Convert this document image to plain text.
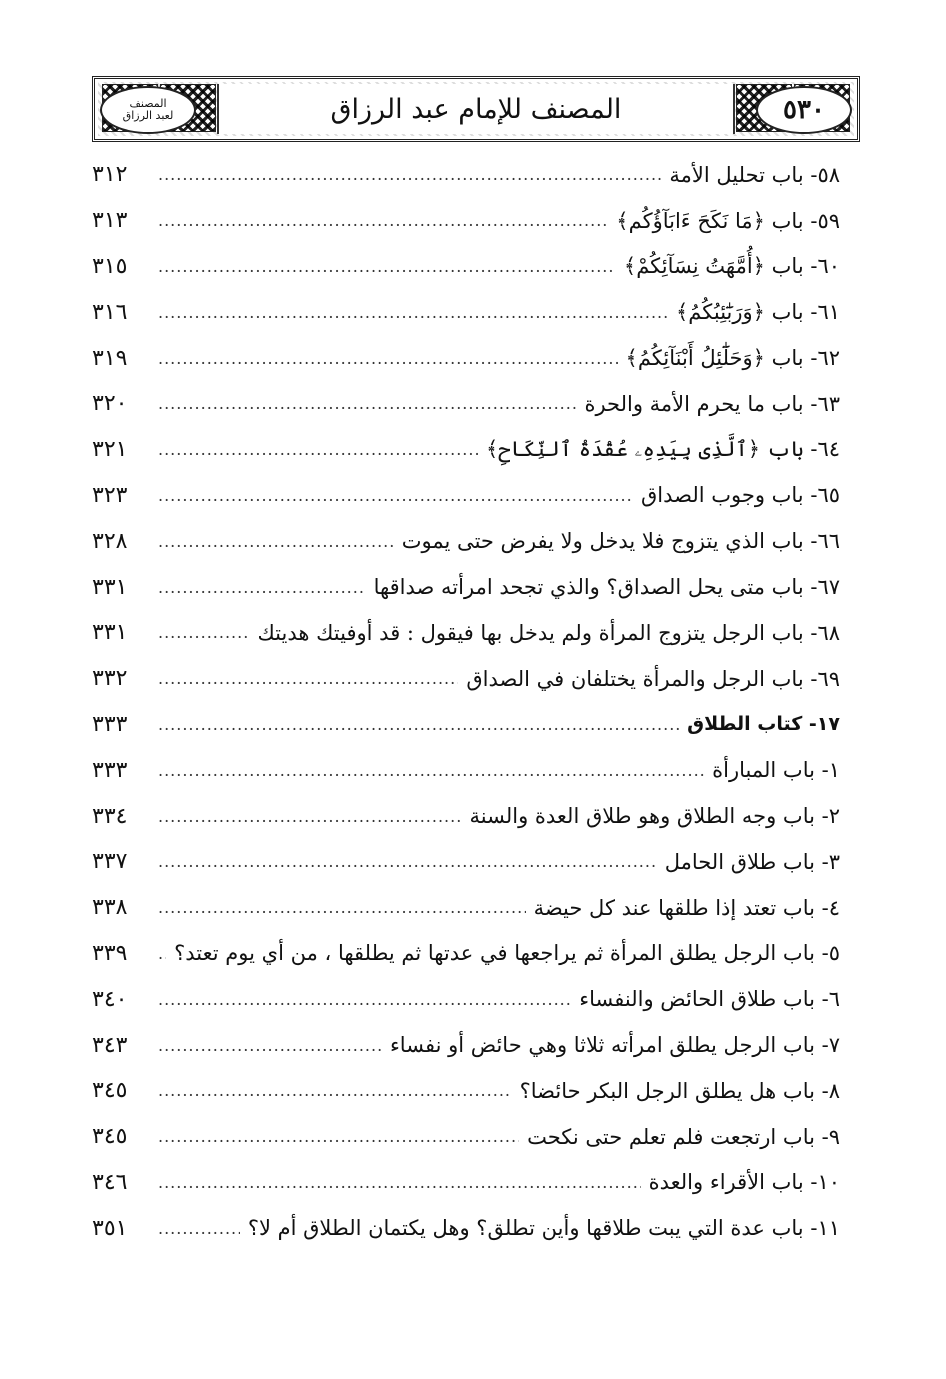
المصنف للإمام عبد الرزاق	٥٣٠
المصنف
لعبد الرزاق
٥٨- باب تحليل الأمة
.....
٣١٢
٥٩- باب ﴿مَا نَكَحَ ءَابَآؤُكُم﴾
.....
٣١٣
٦٠- باب ﴿أُمَّهَتُ نِسَآئِكُمْ﴾
.....
٣١٥
٦١- باب ﴿وَرَبَٰٓئِبُكُمُ﴾
.....
٣١٦
٦٢- باب ﴿وَحَلَٰٓئِلُ أَبْنَآئِكُمُ﴾
.....
٣١٩
٦٣- باب ما يحرم الأمة والحرة
.....
٣٢٠
٦٤- باب ﴿ٱلَّذِى بِيَدِهِۦ عُقْدَةُ ٱلنِّكَاحِ﴾
.....
٣٢١
٦٥- باب وجوب الصداق
.....
٣٢٣
٦٦- باب الذي يتزوج فلا يدخل ولا يفرض حتى يموت
.....
٣٢٨
٦٧- باب متى يحل الصداق؟ والذي تجحد امرأته صداقها
.....
٣٣١
٦٨- باب الرجل يتزوج المرأة ولم يدخل بها فيقول : قد أوفيتك هديتك
.....
٣٣١
٦٩- باب الرجل والمرأة يختلفان في الصداق
.....
٣٣٢
١٧- كتاب الطلاق
.....
٣٣٣
١- باب المبارأة
.....
٣٣٣
٢- باب وجه الطلاق وهو طلاق العدة والسنة
.....
٣٣٤
٣- باب طلاق الحامل
.....
٣٣٧
٤- باب تعتد إذا طلقها عند كل حيضة
.....
٣٣٨
٥- باب الرجل يطلق المرأة ثم يراجعها في عدتها ثم يطلقها ، من أي يوم تعتد؟
.....
٣٣٩
٦- باب طلاق الحائض والنفساء
.....
٣٤٠
٧- باب الرجل يطلق امرأته ثلاثا وهي حائض أو نفساء
.....
٣٤٣
٨- باب هل يطلق الرجل البكر حائضا؟
.....
٣٤٥
٩- باب ارتجعت فلم تعلم حتى نكحت
.....
٣٤٥
١٠- باب الأقراء والعدة
.....
٣٤٦
١١- باب عدة التي يبت طلاقها وأين تطلق؟ وهل يكتمان الطلاق أم لا؟
.....
٣٥١
